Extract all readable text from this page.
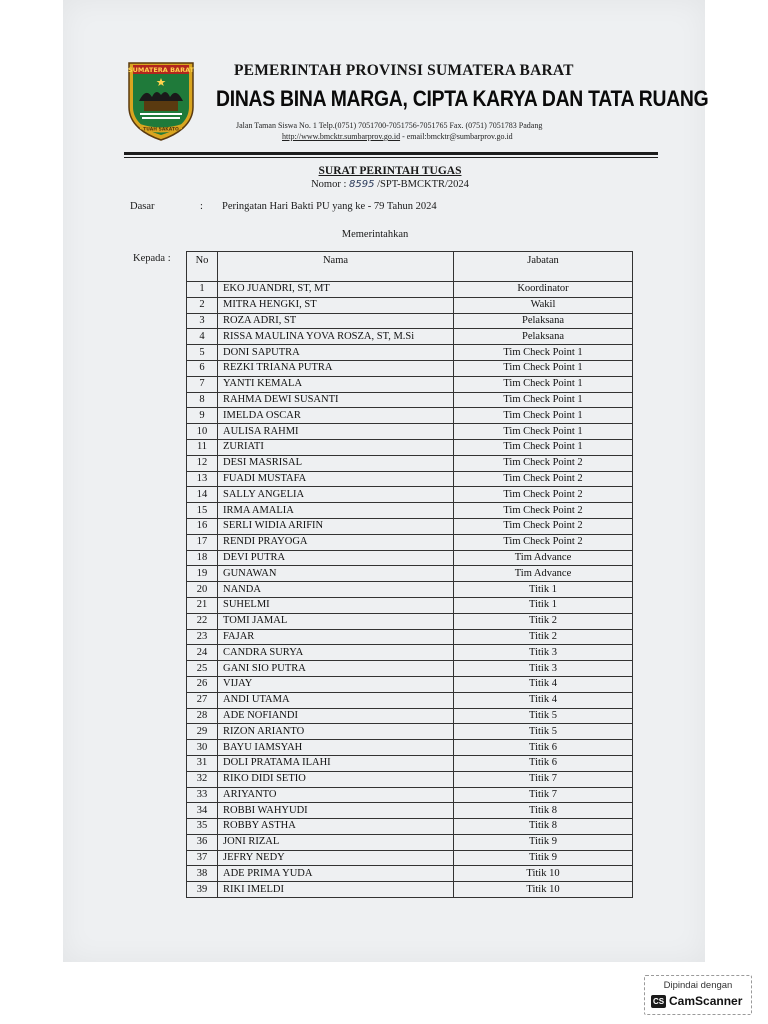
SUMATERA BARAT
TUAH SAKATO
PEMERINTAH PROVINSI SUMATERA BARAT
DINAS BINA MARGA, CIPTA KARYA DAN TATA RUANG
Jalan Taman Siswa No. 1 Telp.(0751) 7051700-7051756-7051765 Fax. (0751) 7051783 Padang
http://www.bmcktr.sumbarprov.go.id - email:bmcktr@sumbarprov.go.id
SURAT PERINTAH TUGAS
Nomor : 8595 /SPT-BMCKTR/2024
Dasar	: Peringatan Hari Bakti PU yang ke - 79 Tahun 2024
Memerintahkan
Kepada : No	Nama	Jabatan
1	EKO JUANDRI, ST, MT	Koordinator
2	MITRA HENGKI, ST	Wakil
3	ROZA ADRI, ST	Pelaksana
4	RISSA MAULINA YOVA ROSZA, ST, M.Si	Pelaksana
5	DONI SAPUTRA	Tim Check Point 1
6	REZKI TRIANA PUTRA	Tim Check Point 1
7	YANTI KEMALA	Tim Check Point 1
8	RAHMA DEWI SUSANTI	Tim Check Point 1
9	IMELDA OSCAR	Tim Check Point 1
10	AULISA RAHMI	Tim Check Point 1
11	ZURIATI	Tim Check Point 1
12	DESI MASRISAL	Tim Check Point 2
13	FUADI MUSTAFA	Tim Check Point 2
14	SALLY ANGELIA	Tim Check Point 2
15	IRMA AMALIA	Tim Check Point 2
16	SERLI WIDIA ARIFIN	Tim Check Point 2
17	RENDI PRAYOGA	Tim Check Point 2
18	DEVI PUTRA	Tim Advance
19	GUNAWAN	Tim Advance
20	NANDA	Titik 1
21	SUHELMI	Titik 1
22	TOMI JAMAL	Titik 2
23	FAJAR	Titik 2
24	CANDRA SURYA	Titik 3
25	GANI SIO PUTRA	Titik 3
26	VIJAY	Titik 4
27	ANDI UTAMA	Titik 4
28	ADE NOFIANDI	Titik 5
29	RIZON ARIANTO	Titik 5
30	BAYU IAMSYAH	Titik 6
31	DOLI PRATAMA ILAHI	Titik 6
32	RIKO DIDI SETIO	Titik 7
33	ARIYANTO	Titik 7
34	ROBBI WAHYUDI	Titik 8
35	ROBBY ASTHA	Titik 8
36	JONI RIZAL	Titik 9
37	JEFRY NEDY	Titik 9
38	ADE PRIMA YUDA	Titik 10
39	RIKI IMELDI	Titik 10
Dipindai dengan
CS CamScanner
